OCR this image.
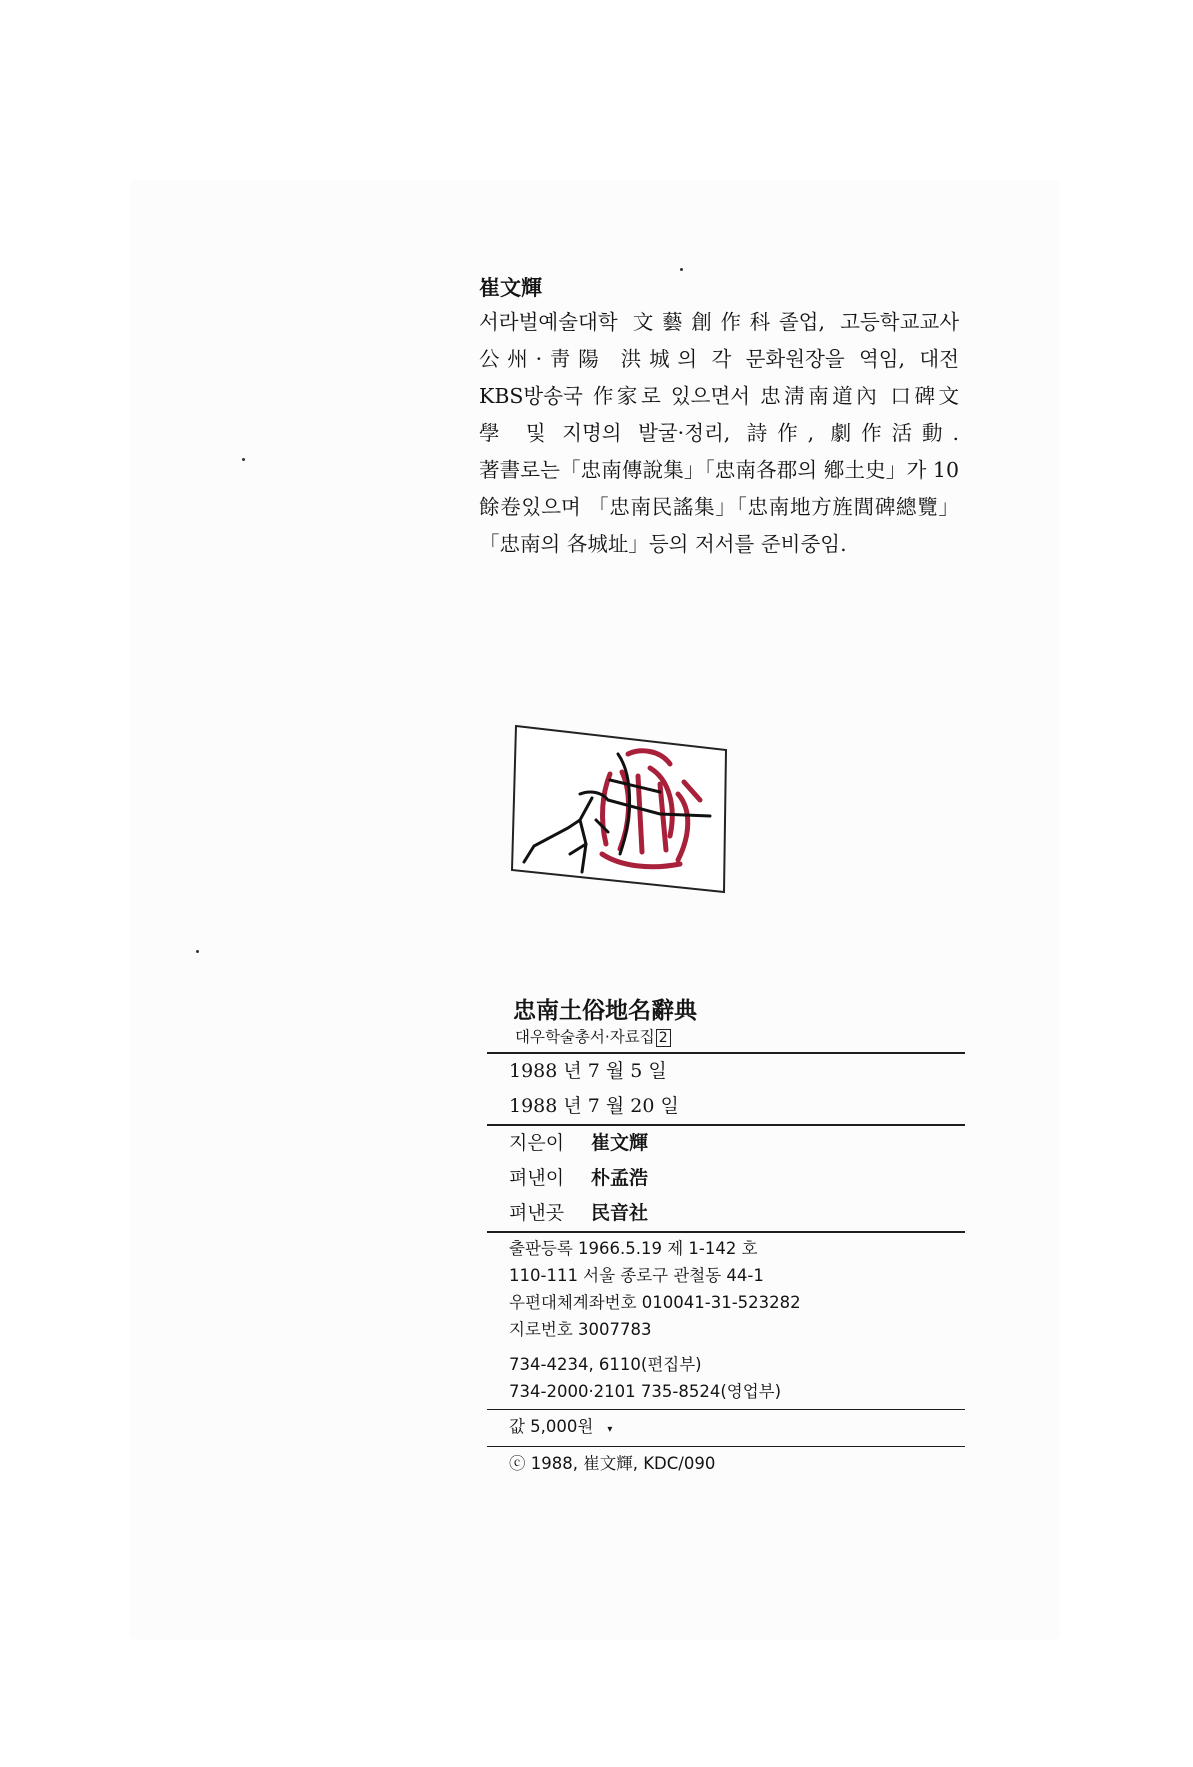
崔文輝
서라벌예술대학 文藝創作科졸업, 고등학교교사
公州·靑陽 洪城의 각 문화원장을 역임, 대전
KBS방송국 作家로 있으면서 忠淸南道內 口碑文
學 및 지명의 발굴·정리, 詩作, 劇作活動.
著書로는「忠南傳說集」「忠南各郡의 鄕土史」가 10
餘卷있으며 「忠南民謠集」「忠南地方旌閭碑總覽」
「忠南의 各城址」등의 저서를 준비중임.
忠南土俗地名辭典
대우학술총서·자료집 2
1988 년 7 월 5 일
1988 년 7 월 20 일
지은이 崔文輝
펴낸이 朴孟浩
펴낸곳 民音社
출판등록 1966.5.19 제 1-142 호
110-111 서울 종로구 관철동 44-1
우편대체계좌번호 010041-31-523282
지로번호 3007783
734-4234, 6110(편집부)
734-2000·2101 735-8524(영업부)
값 5,000원 ▾
ⓒ 1988, 崔文輝, KDC/090
